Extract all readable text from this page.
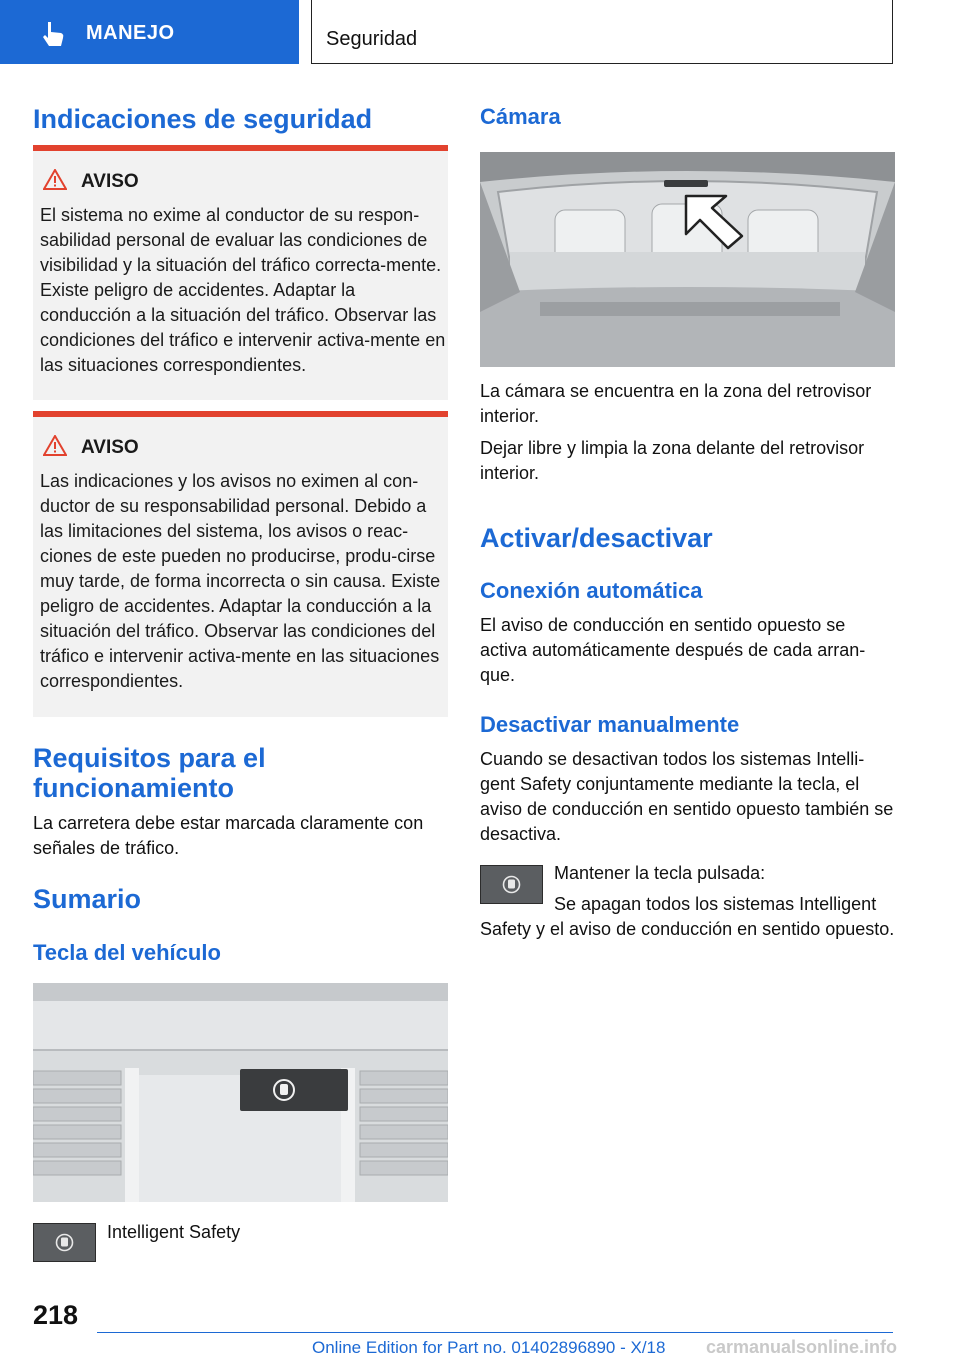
MANEJO	Seguridad
Indicaciones de seguridad
AVISO
El sistema no exime al conductor de su respon-sabilidad personal de evaluar las condiciones de visibilidad y la situación del tráfico correcta-mente. Existe peligro de accidentes. Adaptar la conducción a la situación del tráfico. Observar las condiciones del tráfico e intervenir activa-mente en las situaciones correspondientes.
AVISO
Las indicaciones y los avisos no eximen al con-ductor de su responsabilidad personal. Debido a las limitaciones del sistema, los avisos o reac-ciones de este pueden no producirse, produ-cirse muy tarde, de forma incorrecta o sin causa. Existe peligro de accidentes. Adaptar la conducción a la situación del tráfico. Observar las condiciones del tráfico e intervenir activa-mente en las situaciones correspondientes.
Requisitos para el funcionamiento

La carretera debe estar marcada claramente con señales de tráfico.

Sumario
Tecla del vehículo
Intelligent Safety
Cámara

La cámara se encuentra en la zona del retrovisor interior.

Dejar libre y limpia la zona delante del retrovisor interior.

Activar/desactivar
Conexión automática

El aviso de conducción en sentido opuesto se activa automáticamente después de cada arran-que.

Desactivar manualmente

Cuando se desactivan todos los sistemas Intelli-gent Safety conjuntamente mediante la tecla, el aviso de conducción en sentido opuesto también se desactiva.

Mantener la tecla pulsada:

Se apagan todos los sistemas Intelligent Safety y el aviso de conducción en sentido opuesto.

218
Online Edition for Part no. 01402896890 - X/18 carmanualsonline.info
